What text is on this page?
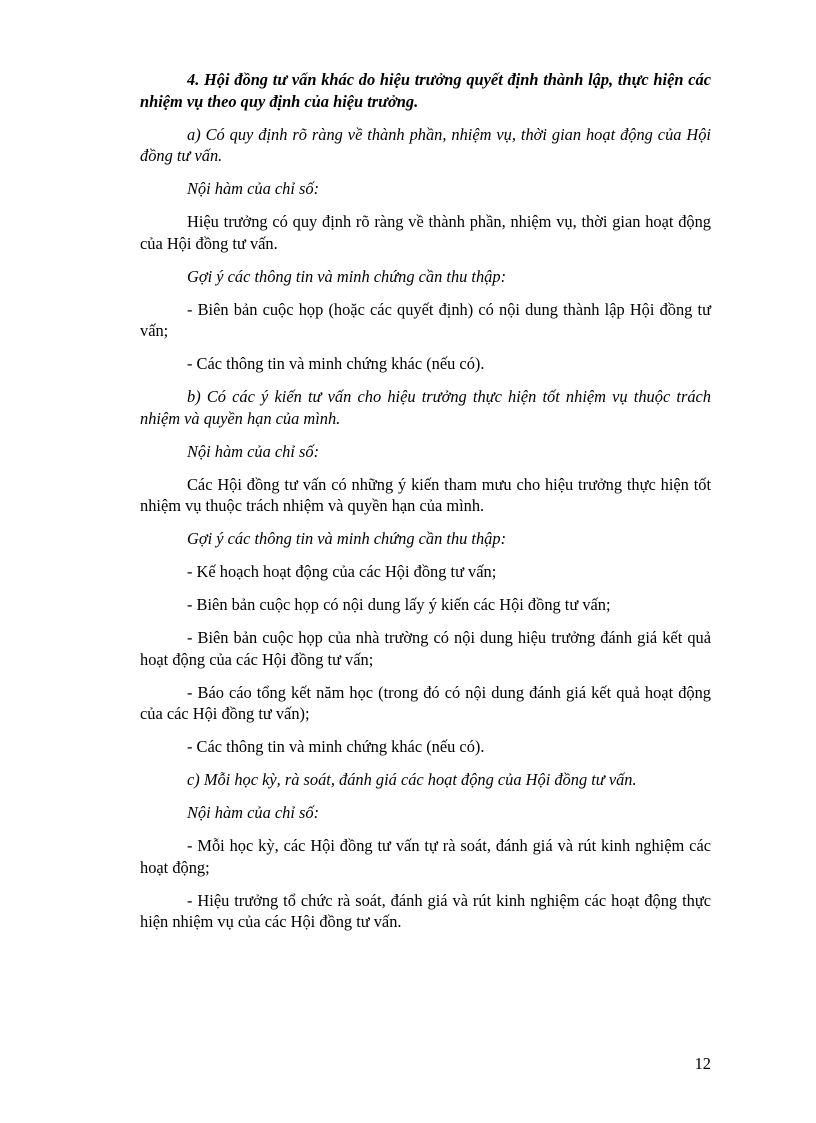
4. Hội đồng tư vấn khác do hiệu trưởng quyết định thành lập, thực hiện các nhiệm vụ theo quy định của hiệu trưởng.

a) Có quy định rõ ràng về thành phần, nhiệm vụ, thời gian hoạt động của Hội đồng tư vấn.

Nội hàm của chỉ số:

Hiệu trưởng có quy định rõ ràng về thành phần, nhiệm vụ, thời gian hoạt động của Hội đồng tư vấn.

Gợi ý các thông tin và minh chứng cần thu thập:

- Biên bản cuộc họp (hoặc các quyết định) có nội dung thành lập Hội đồng tư vấn;

- Các thông tin và minh chứng khác (nếu có).

b) Có các ý kiến tư vấn cho hiệu trưởng thực hiện tốt nhiệm vụ thuộc trách nhiệm và quyền hạn của mình.

Nội hàm của chỉ số:

Các Hội đồng tư vấn có những ý kiến tham mưu cho hiệu trưởng thực hiện tốt nhiệm vụ thuộc trách nhiệm và quyền hạn của mình.

Gợi ý các thông tin và minh chứng cần thu thập:

- Kế hoạch hoạt động của các Hội đồng tư vấn;

- Biên bản cuộc họp có nội dung lấy ý kiến các Hội đồng tư vấn;

- Biên bản cuộc họp của nhà trường có nội dung hiệu trưởng đánh giá kết quả hoạt động của các Hội đồng tư vấn;

- Báo cáo tổng kết năm học (trong đó có nội dung đánh giá kết quả hoạt động của các Hội đồng tư vấn);

- Các thông tin và minh chứng khác (nếu có).

c) Mỗi học kỳ, rà soát, đánh giá các hoạt động của Hội đồng tư vấn.

Nội hàm của chỉ số:

- Mỗi học kỳ, các Hội đồng tư vấn tự rà soát, đánh giá và rút kinh nghiệm các hoạt động;

- Hiệu trưởng tổ chức rà soát, đánh giá và rút kinh nghiệm các hoạt động thực hiện nhiệm vụ của các Hội đồng tư vấn.

12
